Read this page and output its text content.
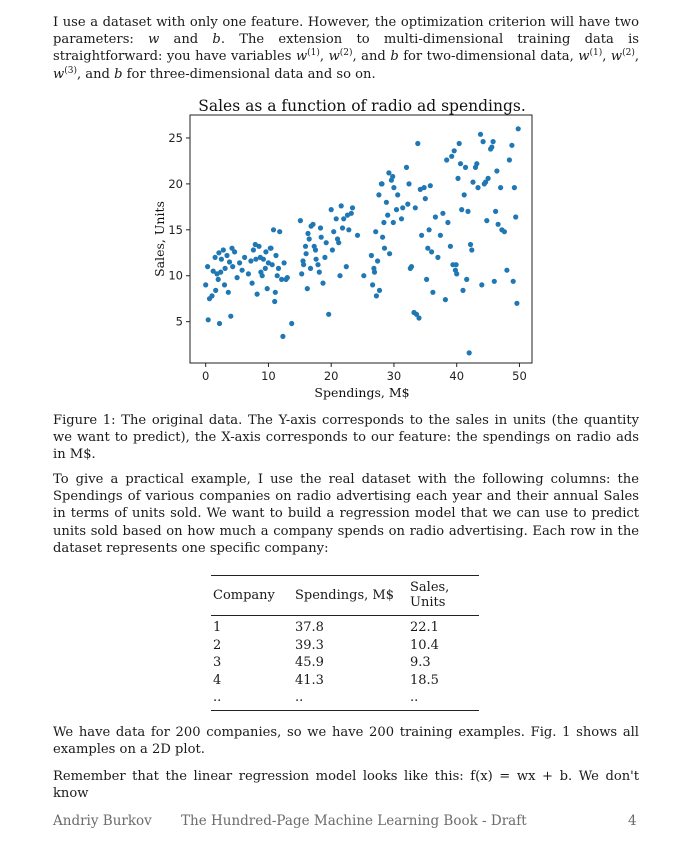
I use a dataset with only one feature. However, the optimization criterion will have two parameters: w and b. The extension to multi-dimensional training data is straightforward: you have variables $w^{(1)}$, $w^{(2)}$, and b for two-dimensional data, $w^{(1)}$, $w^{(2)}$, $w^{(3)}$, and b for three-dimensional data and so on.

Sales as a function of radio ad spendings.
5
10
15
20
25
0	10	20	30	40	50
Spendings, M$
Sales, Units

Figure 1: The original data. The Y-axis corresponds to the sales in units (the quantity we want to predict), the X-axis corresponds to our feature: the spendings on radio ads in M$.

To give a practical example, I use the real dataset with the following columns: the Spendings of various companies on radio advertising each year and their annual Sales in terms of units sold. We want to build a regression model that we can use to predict units sold based on how much a company spends on radio advertising. Each row in the dataset represents one specific company:

Company	Spendings, M$	Sales, Units

1	37.8	22.1
2	39.3	10.4
3	45.9	9.3
4	41.3	18.5
..	..	..

We have data for 200 companies, so we have 200 training examples. Fig. 1 shows all examples on a 2D plot.

Remember that the linear regression model looks like this: f(x) = wx + b. We don't know

Andriy Burkov The Hundred-Page Machine Learning Book - Draft	4
